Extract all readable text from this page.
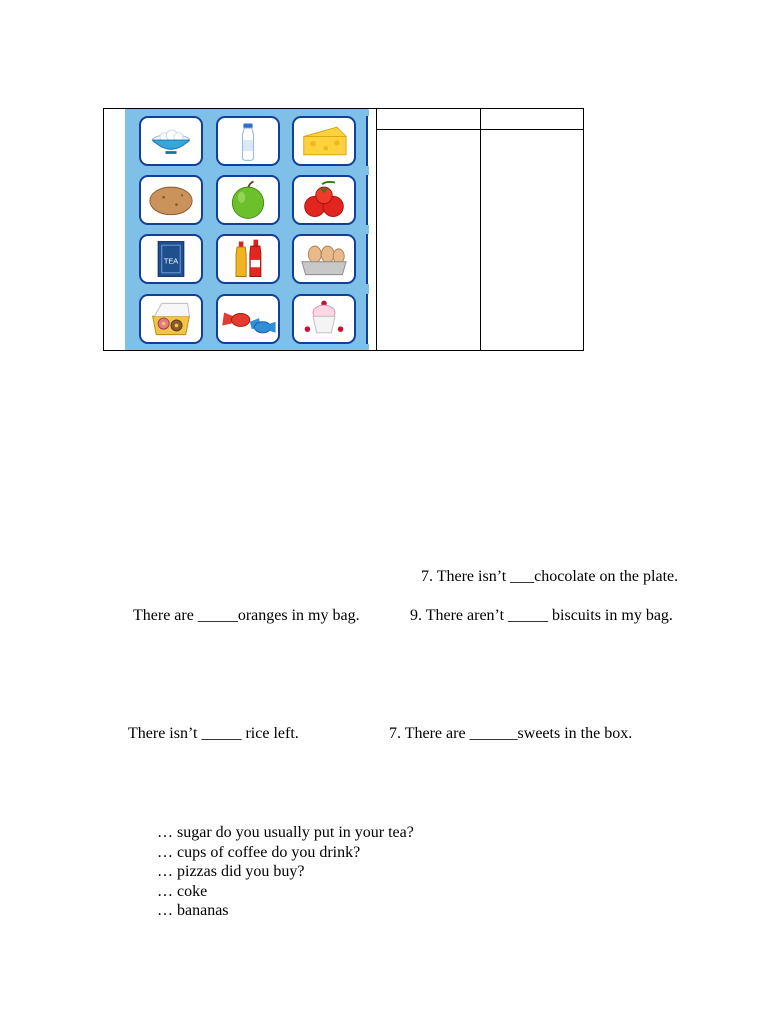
TEA
7. There isn’t ___chocolate on the plate.
There are _____oranges in my bag.	9. There aren’t _____ biscuits in my bag.
There isn’t _____ rice left.	7. There are ______sweets in the box.
… sugar do you usually put in your tea?
… cups of coffee do you drink?
… pizzas did you buy?
… coke
… bananas
